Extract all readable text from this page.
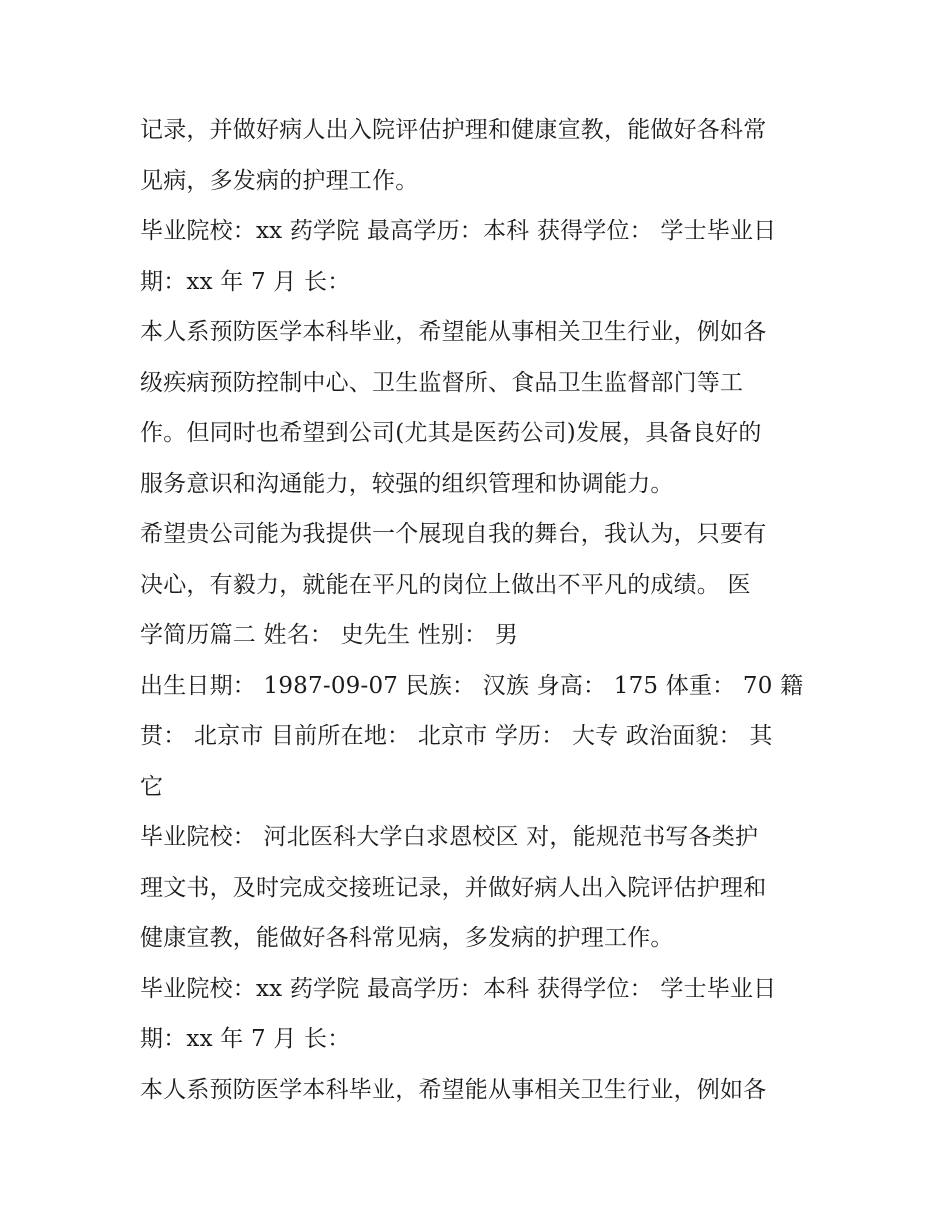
记录，并做好病人出入院评估护理和健康宣教，能做好各科常
见病，多发病的护理工作。
毕业院校：xx 药学院 最高学历：本科 获得学位： 学士毕业日
期：xx 年 7 月 长：
本人系预防医学本科毕业，希望能从事相关卫生行业，例如各
级疾病预防控制中心、卫生监督所、食品卫生监督部门等工
作。但同时也希望到公司(尤其是医药公司)发展，具备良好的
服务意识和沟通能力，较强的组织管理和协调能力。
希望贵公司能为我提供一个展现自我的舞台，我认为，只要有
决心，有毅力，就能在平凡的岗位上做出不平凡的成绩。 医
学简历篇二 姓名： 史先生 性别： 男
出生日期： 1987-09-07 民族： 汉族 身高： 175 体重： 70 籍
贯： 北京市 目前所在地： 北京市 学历： 大专 政治面貌： 其
它
毕业院校： 河北医科大学白求恩校区 对，能规范书写各类护
理文书，及时完成交接班记录，并做好病人出入院评估护理和
健康宣教，能做好各科常见病，多发病的护理工作。
毕业院校：xx 药学院 最高学历：本科 获得学位： 学士毕业日
期：xx 年 7 月 长：
本人系预防医学本科毕业，希望能从事相关卫生行业，例如各
